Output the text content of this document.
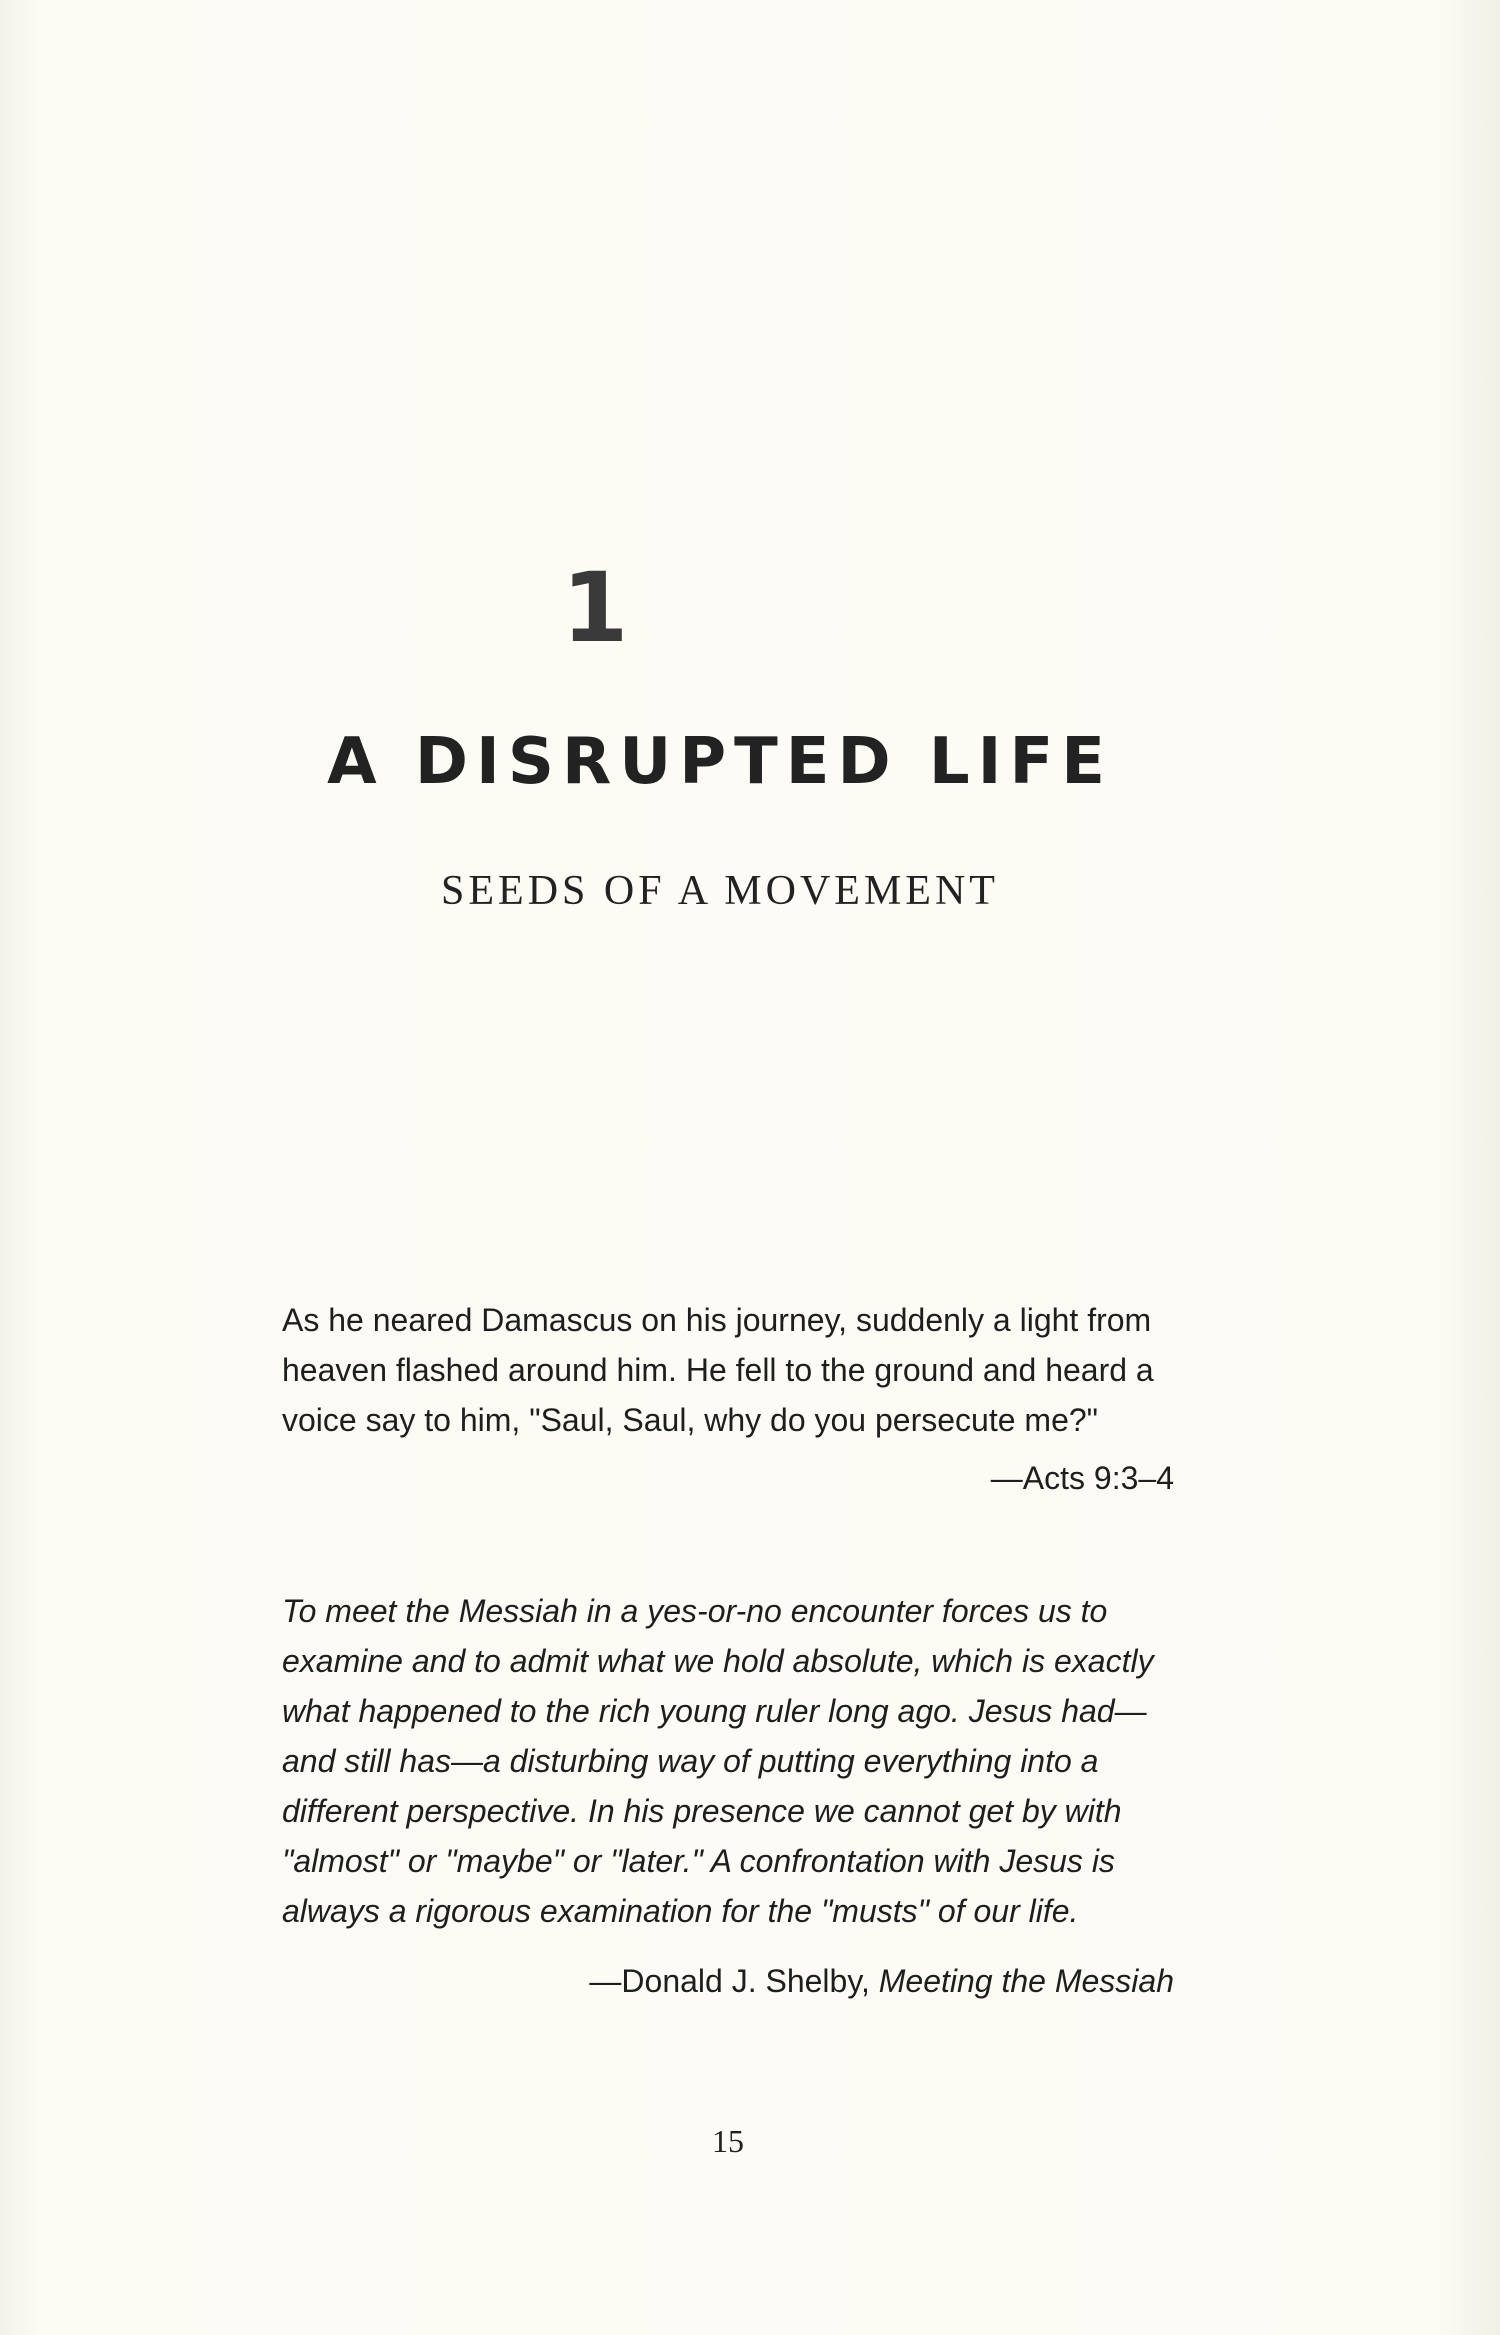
1
A DISRUPTED LIFE
SEEDS OF A MOVEMENT

As he neared Damascus on his journey, suddenly a light from heaven flashed around him. He fell to the ground and heard a voice say to him, "Saul, Saul, why do you persecute me?"

—Acts 9:3–4

To meet the Messiah in a yes-or-no encounter forces us to examine and to admit what we hold absolute, which is exactly what happened to the rich young ruler long ago. Jesus had—and still has—a disturbing way of putting everything into a different perspective. In his presence we cannot get by with "almost" or "maybe" or "later." A confrontation with Jesus is always a rigorous examination for the "musts" of our life.

—Donald J. Shelby, Meeting the Messiah

15
